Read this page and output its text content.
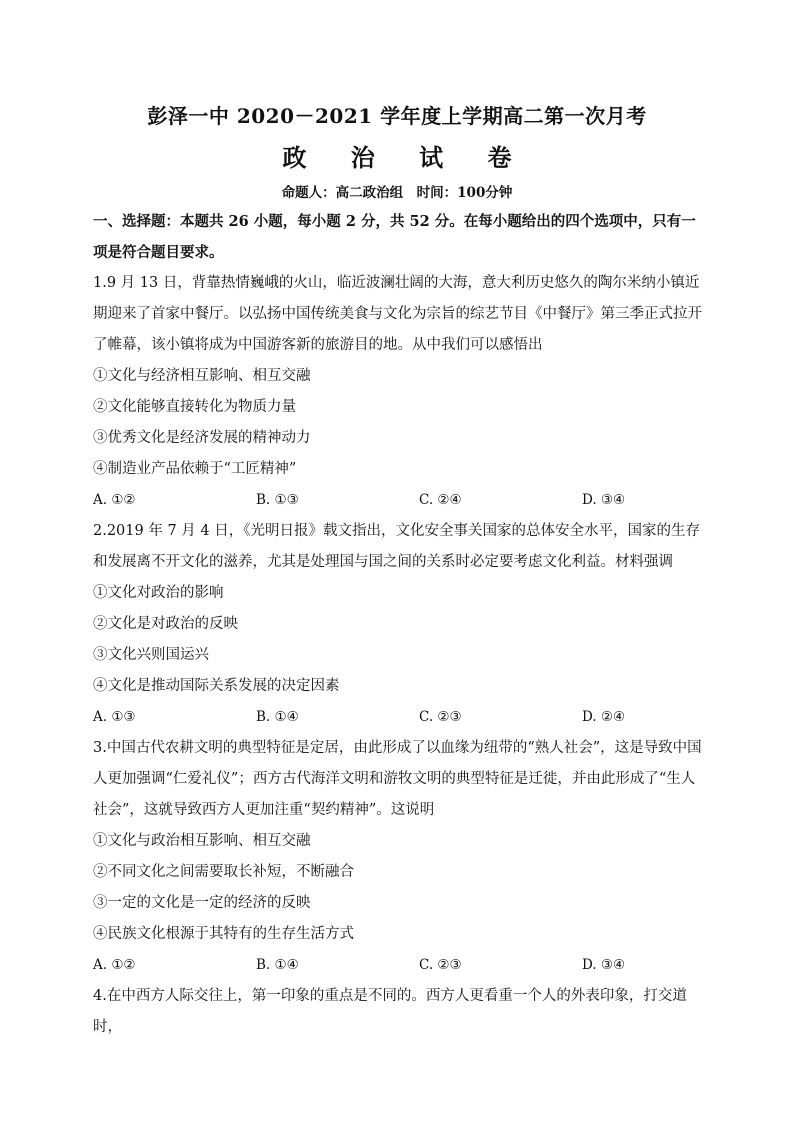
彭泽一中 2020－2021 学年度上学期高二第一次月考
政 治 试 卷
命题人：高二政治组　时间：100分钟
一、选择题：本题共 26 小题，每小题 2 分，共 52 分。在每小题给出的四个选项中，只有一项是符合题目要求。
1.9 月 13 日，背靠热情巍峨的火山，临近波澜壮阔的大海，意大利历史悠久的陶尔米纳小镇近期迎来了首家中餐厅。以弘扬中国传统美食与文化为宗旨的综艺节目《中餐厅》第三季正式拉开了帷幕，该小镇将成为中国游客新的旅游目的地。从中我们可以感悟出
①文化与经济相互影响、相互交融
②文化能够直接转化为物质力量
③优秀文化是经济发展的精神动力
④制造业产品依赖于“工匠精神”
A. ①②	B. ①③	C. ②④	D. ③④
2.2019 年 7 月 4 日，《光明日报》载文指出，文化安全事关国家的总体安全水平，国家的生存和发展离不开文化的滋养，尤其是处理国与国之间的关系时必定要考虑文化利益。材料强调
①文化对政治的影响
②文化是对政治的反映
③文化兴则国运兴
④文化是推动国际关系发展的决定因素
A. ①③	B. ①④	C. ②③	D. ②④
3.中国古代农耕文明的典型特征是定居，由此形成了以血缘为纽带的“熟人社会”，这是导致中国人更加强调“仁爱礼仪”；西方古代海洋文明和游牧文明的典型特征是迁徙，并由此形成了“生人社会”，这就导致西方人更加注重“契约精神”。这说明
①文化与政治相互影响、相互交融
②不同文化之间需要取长补短，不断融合
③一定的文化是一定的经济的反映
④民族文化根源于其特有的生存生活方式
A. ①②	B. ①④	C. ②③	D. ③④
4.在中西方人际交往上，第一印象的重点是不同的。西方人更看重一个人的外表印象，打交道时，
